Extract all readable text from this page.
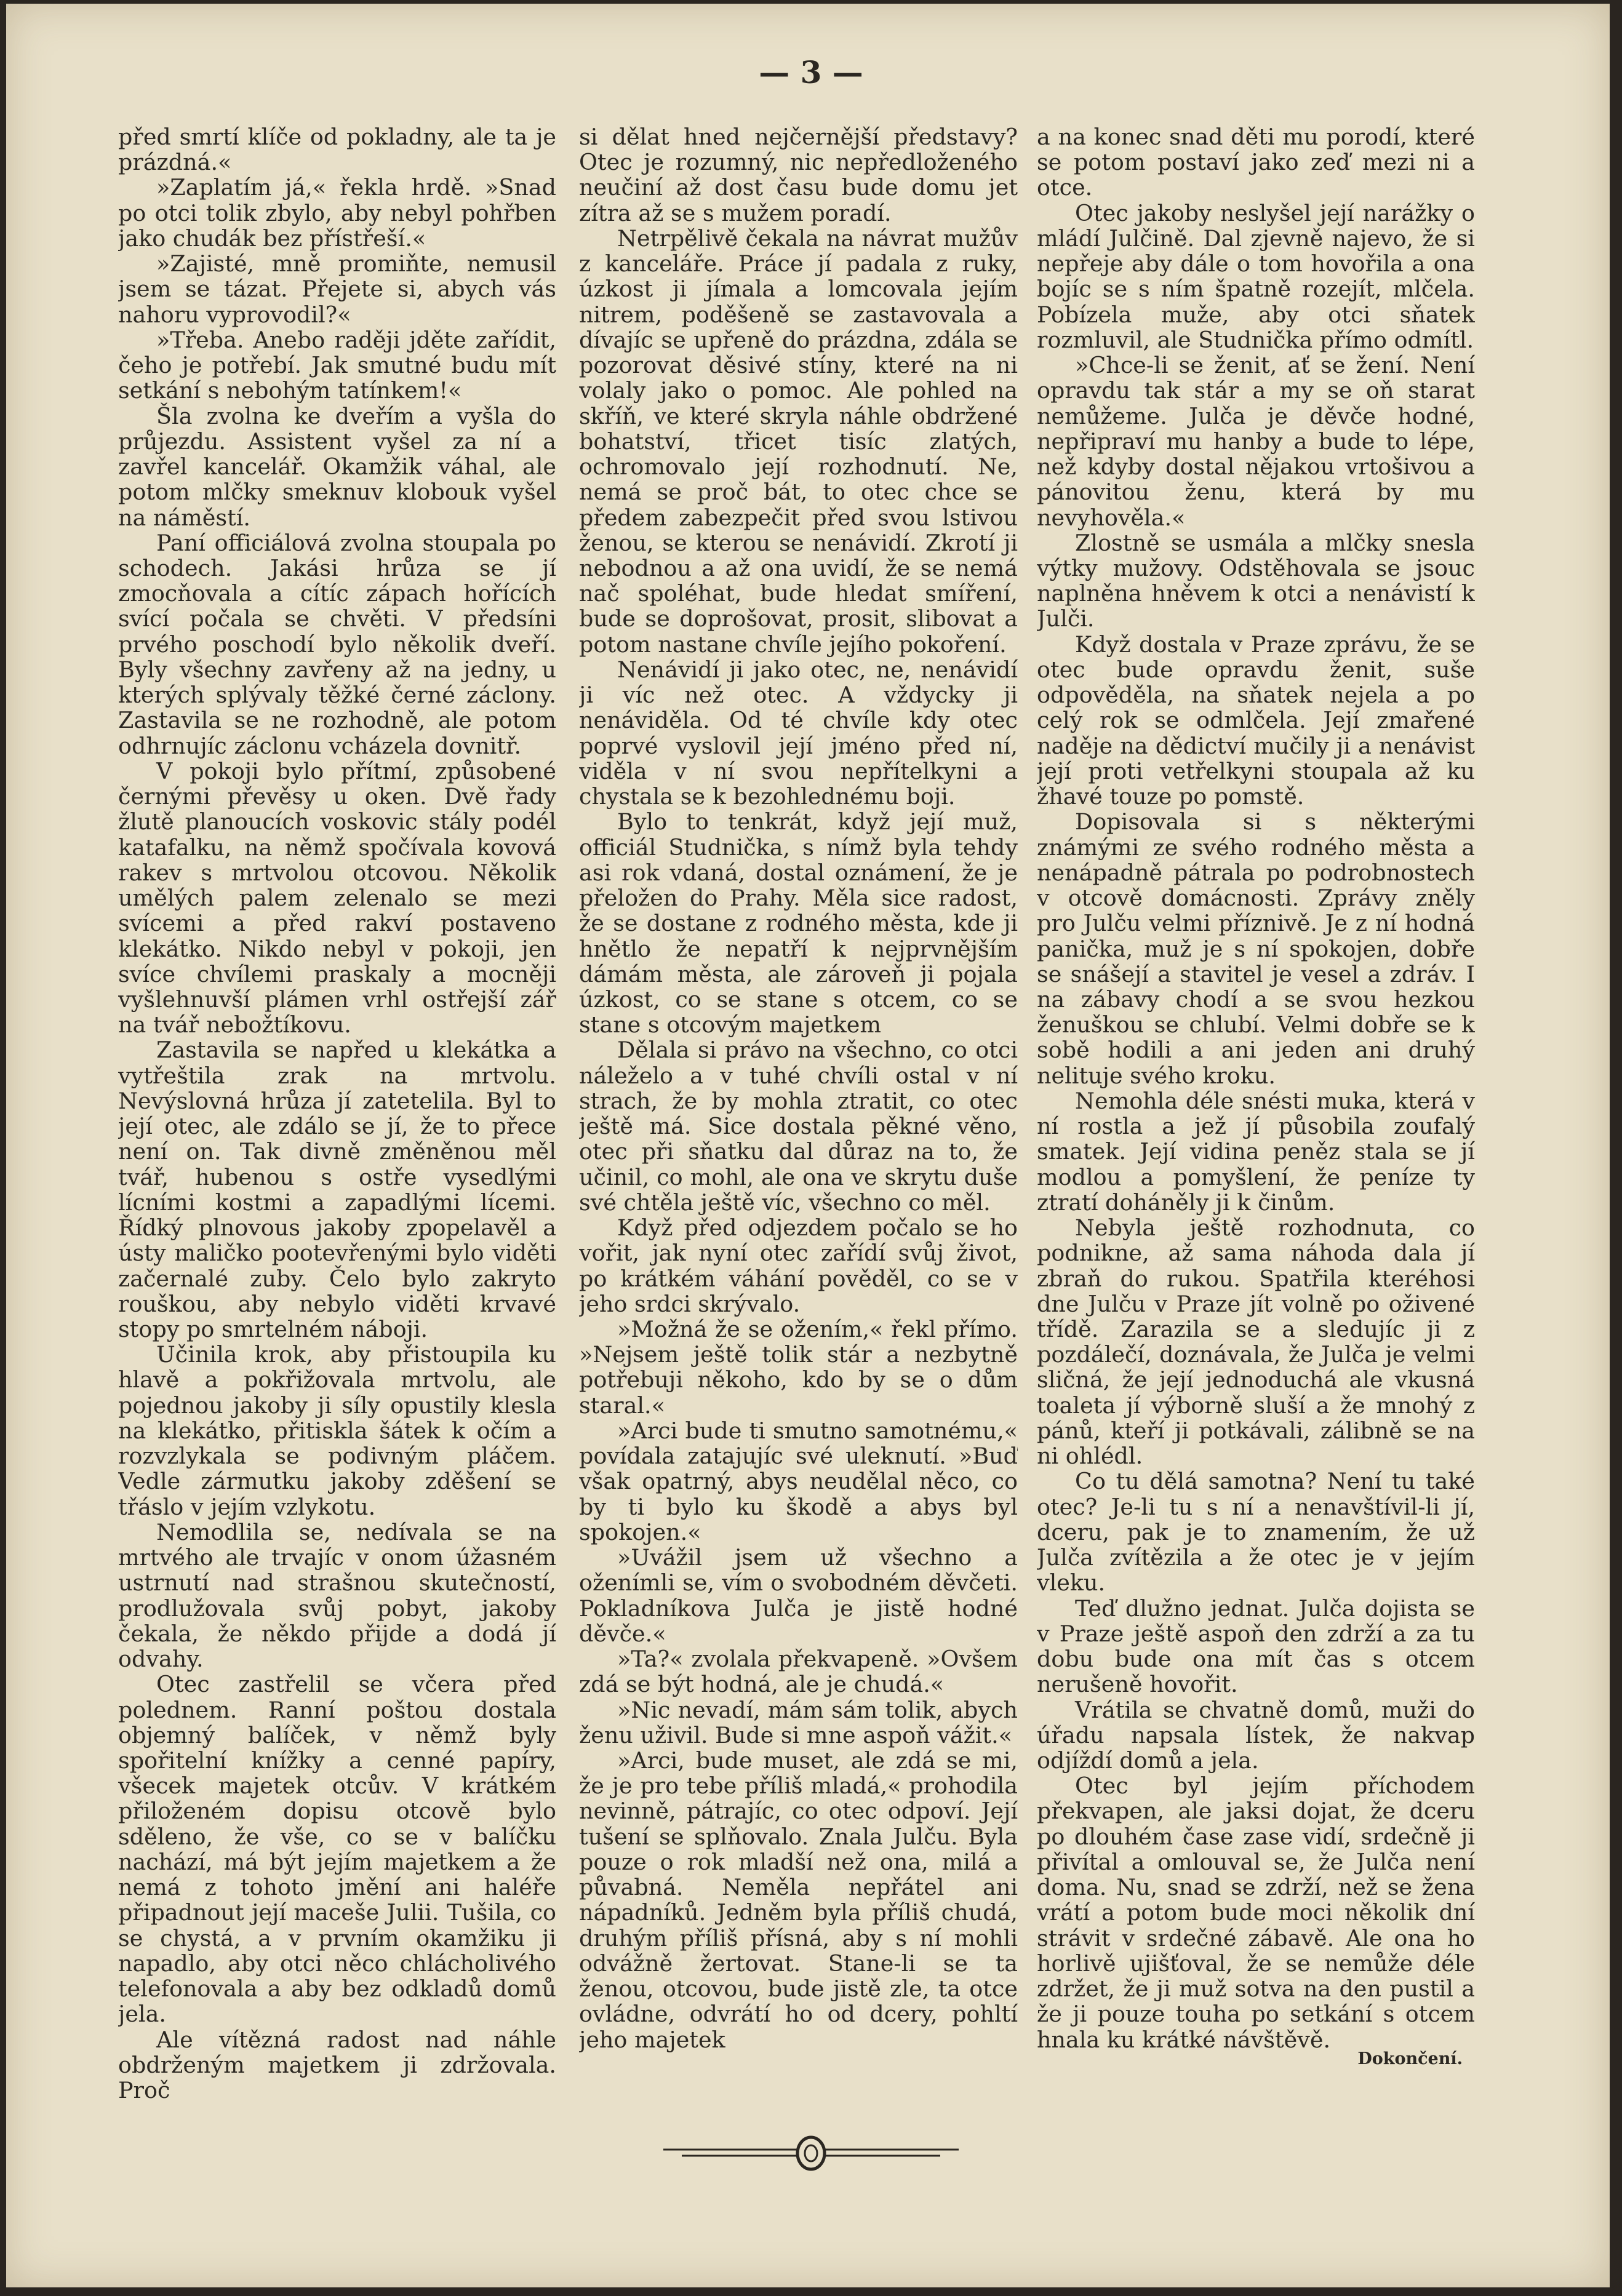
— 3 —

před smrtí klíče od pokladny, ale ta je prázdná.«

»Zaplatím já,« řekla hrdě. »Snad po otci tolik zbylo, aby nebyl pohřben jako chudák bez přístřeší.«

»Zajisté, mně promiňte, nemusil jsem se tázat. Přejete si, abych vás nahoru vyprovodil?«

»Třeba. Anebo raději jděte zařídit, čeho je potřebí. Jak smutné budu mít setkání s nebohým tatínkem!«

Šla zvolna ke dveřím a vyšla do průjezdu. Assistent vyšel za ní a zavřel kancelář. Okamžik váhal, ale potom mlčky smeknuv klobouk vyšel na náměstí.

Paní officiálová zvolna stoupala po schodech. Jakási hrůza se jí zmocňovala a cítíc zápach hořících svící počala se chvěti. V předsíni prvého poschodí bylo několik dveří. Byly všechny zavřeny až na jedny, u kterých splývaly těžké černé záclony. Zastavila se ne rozhodně, ale potom odhrnujíc záclonu vcházela dovnitř.

V pokoji bylo přítmí, způsobené černými převěsy u oken. Dvě řady žlutě planoucích voskovic stály podél katafalku, na němž spočívala kovová rakev s mrtvolou otcovou. Několik umělých palem zelenalo se mezi svícemi a před rakví postaveno klekátko. Nikdo nebyl v pokoji, jen svíce chvílemi praskaly a mocněji vyšlehnuvší plámen vrhl ostřejší zář na tvář nebožtíkovu.

Zastavila se napřed u klekátka a vytřeštila zrak na mrtvolu. Nevýslovná hrůza jí zatetelila. Byl to její otec, ale zdálo se jí, že to přece není on. Tak divně změněnou měl tvář, hubenou s ostře vysedlými lícními kostmi a zapadlými lícemi. Řídký plnovous jakoby zpopelavěl a ústy maličko pootevřenými bylo viděti začernalé zuby. Čelo bylo zakryto rouškou, aby nebylo viděti krvavé stopy po smrtelném náboji.

Učinila krok, aby přistoupila ku hlavě a pokřižovala mrtvolu, ale pojednou jakoby ji síly opustily klesla na klekátko, přitiskla šátek k očím a rozvzlykala se podivným pláčem. Vedle zármutku jakoby zděšení se třáslo v jejím vzlykotu.

Nemodlila se, nedívala se na mrtvého ale trvajíc v onom úžasném ustrnutí nad strašnou skutečností, prodlužovala svůj pobyt, jakoby čekala, že někdo přijde a dodá jí odvahy.

Otec zastřelil se včera před polednem. Ranní poštou dostala objemný balíček, v němž byly spořitelní knížky a cenné papíry, všecek majetek otcův. V krátkém přiloženém dopisu otcově bylo sděleno, že vše, co se v balíčku nachází, má být jejím majetkem a že nemá z tohoto jmění ani haléře připadnout její maceše Julii. Tušila, co se chystá, a v prvním okamžiku ji napadlo, aby otci něco chlácholivého telefonovala a aby bez odkladů domů jela.

Ale vítězná radost nad náhle obdrženým majetkem ji zdržovala. Proč

si dělat hned nejčernější představy? Otec je rozumný, nic nepředloženého neučiní až dost času bude domu jet zítra až se s mužem poradí.

Netrpělivě čekala na návrat mužův z kanceláře. Práce jí padala z ruky, úzkost ji jímala a lomcovala jejím nitrem, poděšeně se zastavovala a dívajíc se upřeně do prázdna, zdála se pozorovat děsivé stíny, které na ni volaly jako o pomoc. Ale pohled na skříň, ve které skryla náhle obdržené bohatství, třicet tisíc zlatých, ochromovalo její rozhodnutí. Ne, nemá se proč bát, to otec chce se předem zabezpečit před svou lstivou ženou, se kterou se nenávidí. Zkrotí ji nebodnou a až ona uvidí, že se nemá nač spoléhat, bude hledat smíření, bude se doprošovat, prosit, slibovat a potom nastane chvíle jejího pokoření.

Nenávidí ji jako otec, ne, nenávidí ji víc než otec. A vždycky ji nenáviděla. Od té chvíle kdy otec poprvé vyslovil její jméno před ní, viděla v ní svou nepřítelkyni a chystala se k bezohlednému boji.

Bylo to tenkrát, když její muž, officiál Studnička, s nímž byla tehdy asi rok vdaná, dostal oznámení, že je přeložen do Prahy. Měla sice radost, že se dostane z rodného města, kde ji hnětlo že nepatří k nejprvnějším dámám města, ale zároveň ji pojala úzkost, co se stane s otcem, co se stane s otcovým majetkem

Dělala si právo na všechno, co otci náleželo a v tuhé chvíli ostal v ní strach, že by mohla ztratit, co otec ještě má. Sice dostala pěkné věno, otec při sňatku dal důraz na to, že učinil, co mohl, ale ona ve skrytu duše své chtěla ještě víc, všechno co měl.

Když před odjezdem počalo se ho vořit, jak nyní otec zařídí svůj život, po krátkém váhání pověděl, co se v jeho srdci skrývalo.

»Možná že se ožením,« řekl přímo. »Nejsem ještě tolik stár a nezbytně potřebuji někoho, kdo by se o dům staral.«

»Arci bude ti smutno samotnému,« povídala zatajujíc své uleknutí. »Buď však opatrný, abys neudělal něco, co by ti bylo ku škodě a abys byl spokojen.«

»Uvážil jsem už všechno a oženímli se, vím o svobodném děvčeti. Pokladníkova Julča je jistě hodné děvče.«

»Ta?« zvolala překvapeně. »Ovšem zdá se být hodná, ale je chudá.«

»Nic nevadí, mám sám tolik, abych ženu uživil. Bude si mne aspoň vážit.«

»Arci, bude muset, ale zdá se mi, že je pro tebe příliš mladá,« prohodila nevinně, pátrajíc, co otec odpoví. Její tušení se splňovalo. Znala Julču. Byla pouze o rok mladší než ona, milá a půvabná. Neměla nepřátel ani nápadníků. Jedněm byla příliš chudá, druhým příliš přísná, aby s ní mohli odvážně žertovat. Stane-li se ta ženou, otcovou, bude jistě zle, ta otce ovládne, odvrátí ho od dcery, pohltí jeho majetek

a na konec snad děti mu porodí, které se potom postaví jako zeď mezi ni a otce.

Otec jakoby neslyšel její narážky o mládí Julčině. Dal zjevně najevo, že si nepřeje aby dále o tom hovořila a ona bojíc se s ním špatně rozejít, mlčela. Pobízela muže, aby otci sňatek rozmluvil, ale Studnička přímo odmítl.

»Chce-li se ženit, ať se žení. Není opravdu tak stár a my se oň starat nemůžeme. Julča je děvče hodné, nepřipraví mu hanby a bude to lépe, než kdyby dostal nějakou vrtošivou a pánovitou ženu, která by mu nevyhověla.«

Zlostně se usmála a mlčky snesla výtky mužovy. Odstěhovala se jsouc naplněna hněvem k otci a nenávistí k Julči.

Když dostala v Praze zprávu, že se otec bude opravdu ženit, suše odpověděla, na sňatek nejela a po celý rok se odmlčela. Její zmařené naděje na dědictví mučily ji a nenávist její proti vetřelkyni stoupala až ku žhavé touze po pomstě.

Dopisovala si s některými známými ze svého rodného města a nenápadně pátrala po podrobnostech v otcově domácnosti. Zprávy zněly pro Julču velmi příznivě. Je z ní hodná panička, muž je s ní spokojen, dobře se snášejí a stavitel je vesel a zdráv. I na zábavy chodí a se svou hezkou ženuškou se chlubí. Velmi dobře se k sobě hodili a ani jeden ani druhý nelituje svého kroku.

Nemohla déle snésti muka, která v ní rostla a jež jí působila zoufalý smatek. Její vidina peněz stala se jí modlou a pomyšlení, že peníze ty ztratí doháněly ji k činům.

Nebyla ještě rozhodnuta, co podnikne, až sama náhoda dala jí zbraň do rukou. Spatřila kteréhosi dne Julču v Praze jít volně po oživené třídě. Zarazila se a sledujíc ji z pozdálečí, doznávala, že Julča je velmi sličná, že její jednoduchá ale vkusná toaleta jí výborně sluší a že mnohý z pánů, kteří ji potkávali, zálibně se na ni ohlédl.

Co tu dělá samotna? Není tu také otec? Je-li tu s ní a nenavštívil-li jí, dceru, pak je to znamením, že už Julča zvítězila a že otec je v jejím vleku.

Teď dlužno jednat. Julča dojista se v Praze ještě aspoň den zdrží a za tu dobu bude ona mít čas s otcem nerušeně hovořit.

Vrátila se chvatně domů, muži do úřadu napsala lístek, že nakvap odjíždí domů a jela.

Otec byl jejím příchodem překvapen, ale jaksi dojat, že dceru po dlouhém čase zase vidí, srdečně ji přivítal a omlouval se, že Julča není doma. Nu, snad se zdrží, než se žena vrátí a potom bude moci několik dní strávit v srdečné zábavě. Ale ona ho horlivě ujišťoval, že se nemůže déle zdržet, že ji muž sotva na den pustil a že ji pouze touha po setkání s otcem hnala ku krátké návštěvě.

Dokončení.
